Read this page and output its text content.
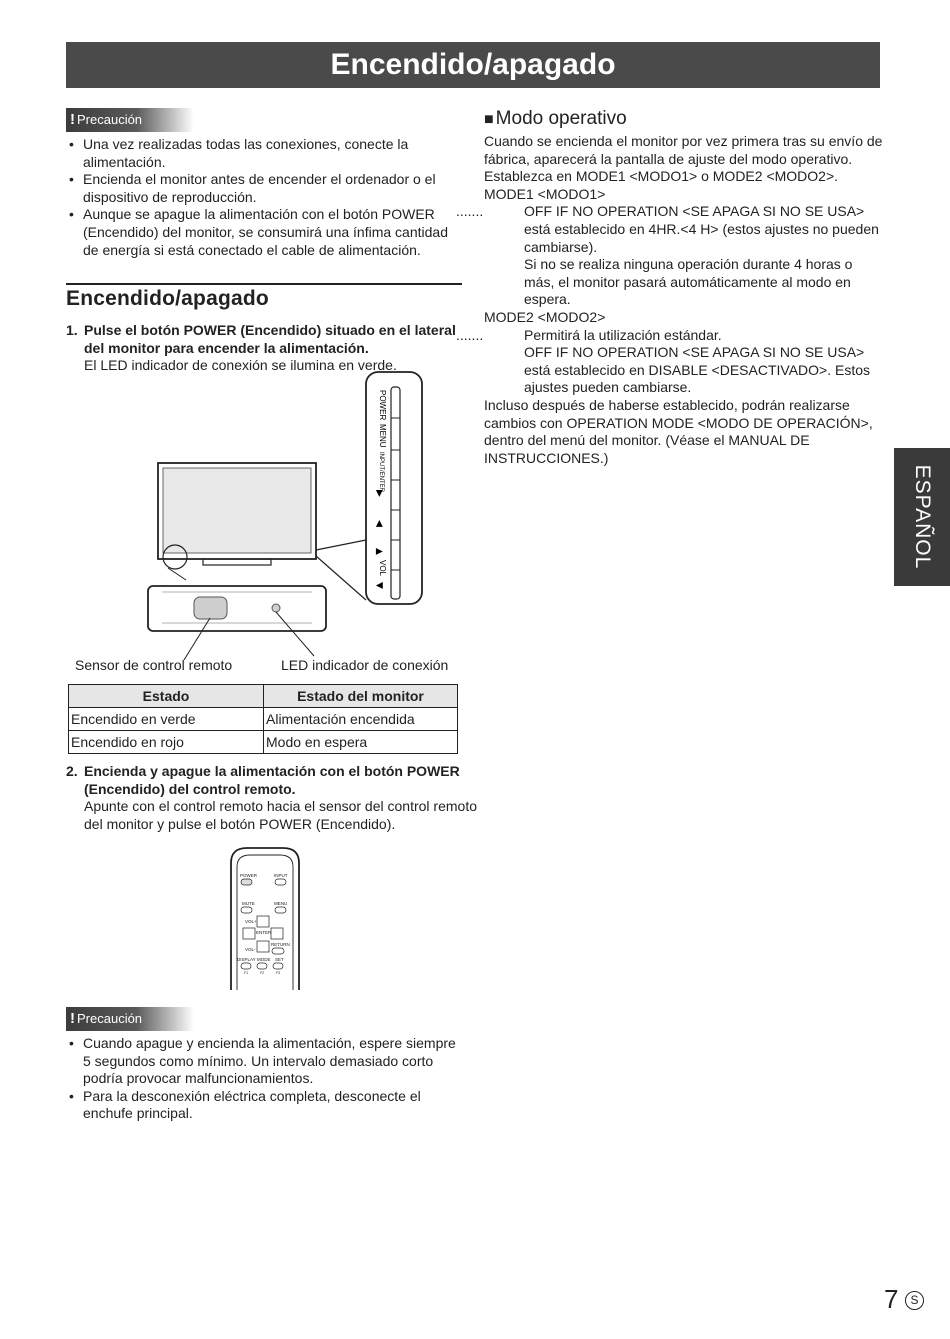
Encendido/apagado
! Precaución
• Una vez realizadas todas las conexiones, conecte la alimentación.
• Encienda el monitor antes de encender el ordenador o el dispositivo de reproducción.
• Aunque se apague la alimentación con el botón POWER (Encendido) del monitor, se consumirá una ínfima cantidad de energía si está conectado el cable de alimentación.
Encendido/apagado
1. Pulse el botón POWER (Encendido) situado en el lateral del monitor para encender la alimentación.
El LED indicador de conexión se ilumina en verde.
POWER
MENU
INPUT/ENTER
▶
◀
▲
VOL
▼
Sensor de control remoto	LED indicador de conexión
Estado	Estado del monitor
Encendido en verde	Alimentación encendida
Encendido en rojo	Modo en espera
2. Encienda y apague la alimentación con el botón POWER (Encendido) del control remoto.
Apunte con el control remoto hacia el sensor del control remoto del monitor y pulse el botón POWER (Encendido).
POWER	INPUT
MUTE	MENU
VOL+
ENTER
VOL-
RETURN
DISPLAY MODE SET
F1	F2	F3
! Precaución
• Cuando apague y encienda la alimentación, espere siempre 5 segundos como mínimo. Un intervalo demasiado corto podría provocar malfuncionamientos.
• Para la desconexión eléctrica completa, desconecte el enchufe principal.
■ Modo operativo
Cuando se encienda el monitor por vez primera tras su envío de fábrica, aparecerá la pantalla de ajuste del modo operativo. Establezca en MODE1 <MODO1> o MODE2 <MODO2>.
MODE1 <MODO1>
.......	OFF IF NO OPERATION <SE APAGA SI NO SE USA> está establecido en 4HR.<4 H> (estos ajustes no pueden cambiarse).
Si no se realiza ninguna operación durante 4 horas o más, el monitor pasará automáticamente al modo en espera.
MODE2 <MODO2>
.......	Permitirá la utilización estándar.
OFF IF NO OPERATION <SE APAGA SI NO SE USA> está establecido en DISABLE <DESACTIVADO>. Estos ajustes pueden cambiarse.
Incluso después de haberse establecido, podrán realizarse cambios con OPERATION MODE <MODO DE OPERACIÓN>, dentro del menú del monitor. (Véase el MANUAL DE INSTRUCCIONES.)
ESPAÑOL
7	S
